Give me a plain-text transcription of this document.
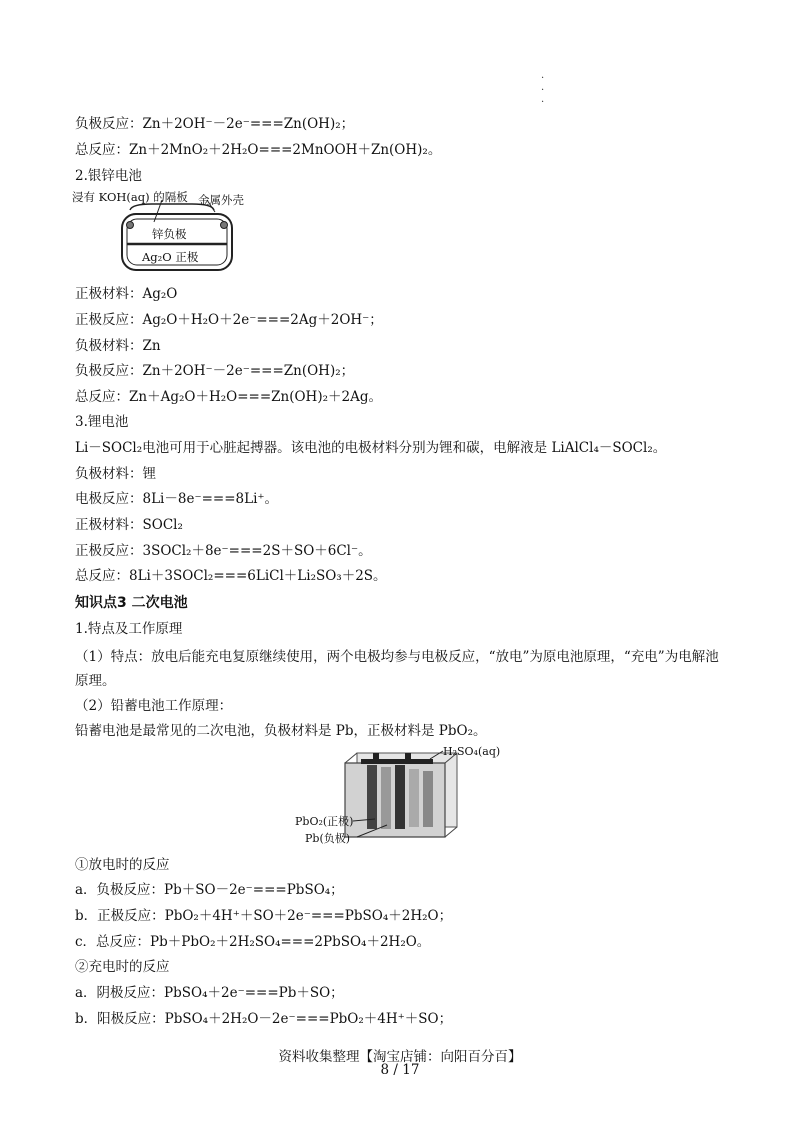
.
.
.
负极反应：Zn＋2OH⁻－2e⁻===Zn(OH)₂；
总反应：Zn＋2MnO₂＋2H₂O===2MnOOH＋Zn(OH)₂。
2.银锌电池
浸有 KOH(aq) 的隔板 金属外壳
锌负极
Ag₂O 正极
正极材料：Ag₂O
正极反应：Ag₂O＋H₂O＋2e⁻===2Ag＋2OH⁻；
负极材料：Zn
负极反应：Zn＋2OH⁻－2e⁻===Zn(OH)₂；
总反应：Zn＋Ag₂O＋H₂O===Zn(OH)₂＋2Ag。
3.锂电池
Li－SOCl₂电池可用于心脏起搏器。该电池的电极材料分别为锂和碳，电解液是 LiAlCl₄－SOCl₂。
负极材料：锂
电极反应：8Li－8e⁻===8Li⁺。
正极材料：SOCl₂
正极反应：3SOCl₂＋8e⁻===2S＋SO＋6Cl⁻。
总反应：8Li＋3SOCl₂===6LiCl＋Li₂SO₃＋2S。
知识点3 二次电池
1.特点及工作原理
（1）特点：放电后能充电复原继续使用，两个电极均参与电极反应，“放电”为原电池原理，“充电”为电解池原理。
（2）铅蓄电池工作原理：
铅蓄电池是最常见的二次电池，负极材料是 Pb，正极材料是 PbO₂。
H₂SO₄(aq)
PbO₂(正极)
Pb(负极)
①放电时的反应
a．负极反应：Pb＋SO－2e⁻===PbSO₄；
b．正极反应：PbO₂＋4H⁺＋SO＋2e⁻===PbSO₄＋2H₂O；
c．总反应：Pb＋PbO₂＋2H₂SO₄===2PbSO₄＋2H₂O。
②充电时的反应
a．阴极反应：PbSO₄＋2e⁻===Pb＋SO；
b．阳极反应：PbSO₄＋2H₂O－2e⁻===PbO₂＋4H⁺＋SO；
资料收集整理【淘宝店铺：向阳百分百】
8 / 17
